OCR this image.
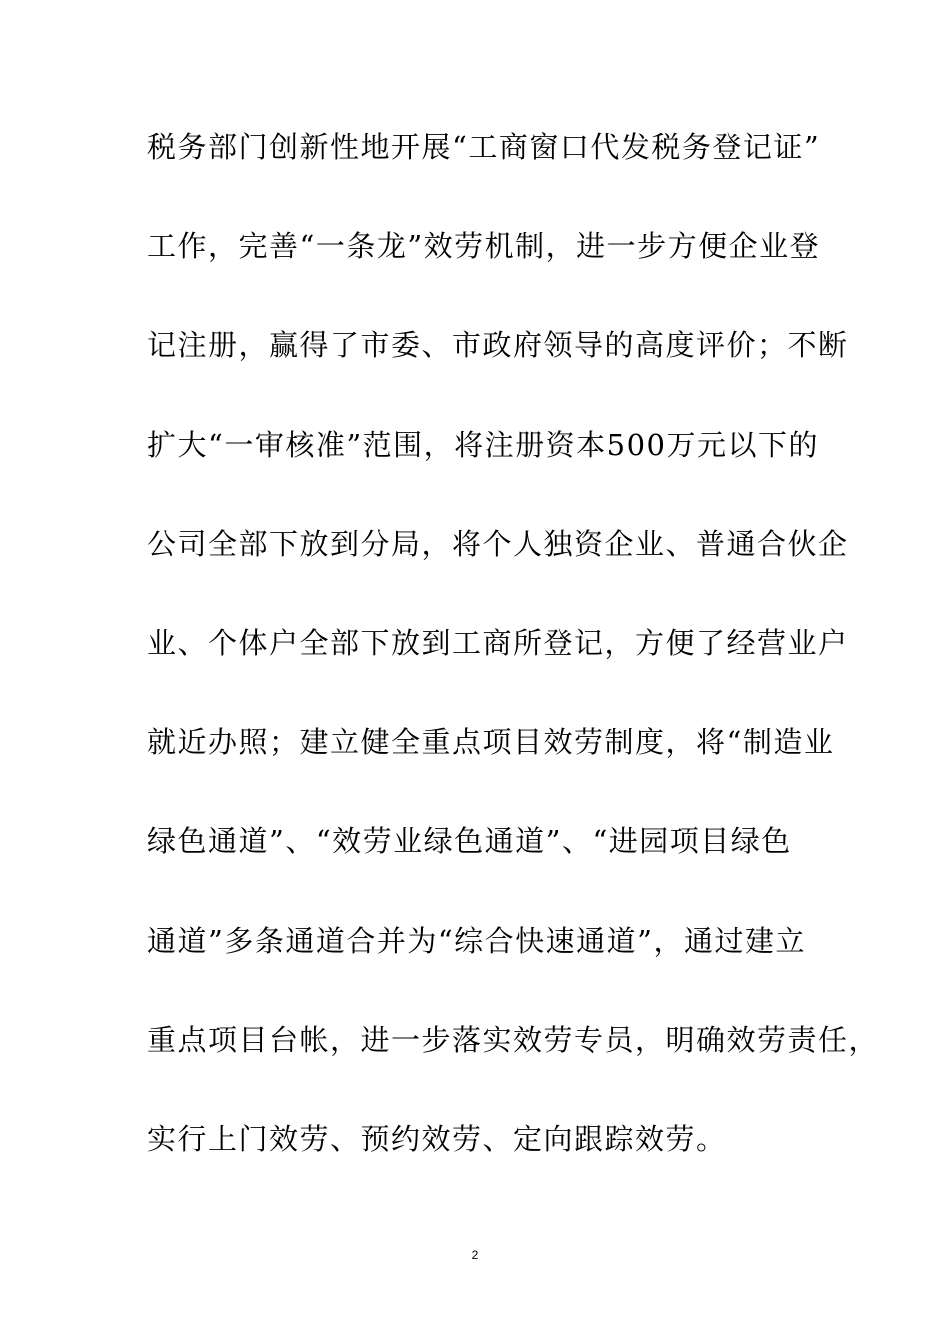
税务部门创新性地开展“工商窗口代发税务登记证”
工作，完善“一条龙”效劳机制，进一步方便企业登
记注册，赢得了市委、市政府领导的高度评价；不断
扩大“一审核准”范围，将注册资本500万元以下的
公司全部下放到分局，将个人独资企业、普通合伙企
业、个体户全部下放到工商所登记，方便了经营业户
就近办照；建立健全重点项目效劳制度，将“制造业
绿色通道”、“效劳业绿色通道”、“进园项目绿色
通道”多条通道合并为“综合快速通道”，通过建立
重点项目台帐，进一步落实效劳专员，明确效劳责任，
实行上门效劳、预约效劳、定向跟踪效劳。
2
